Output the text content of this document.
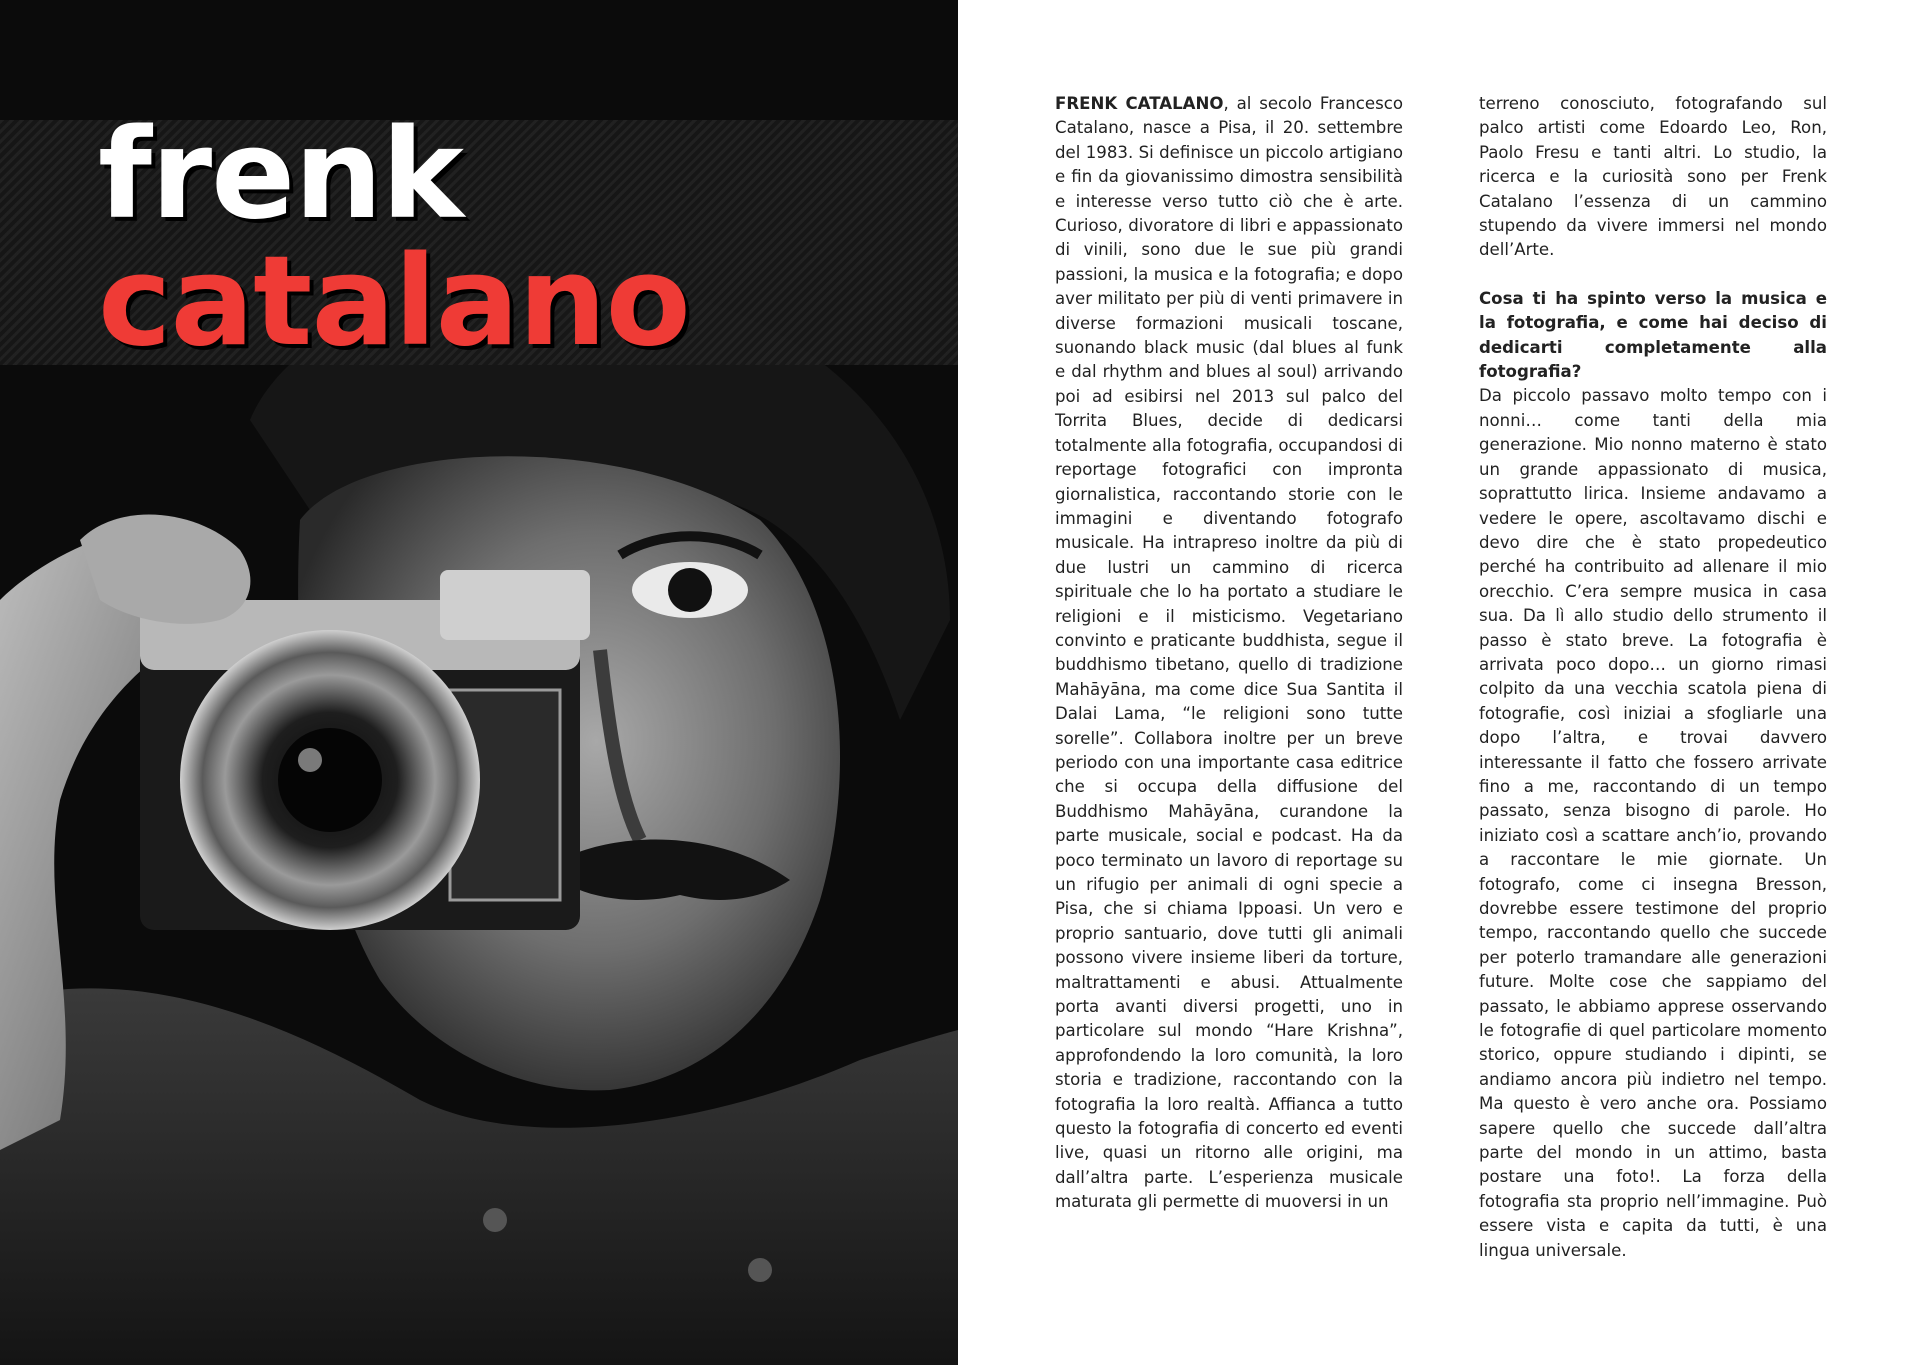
frenk
catalano

FRENK CATALANO, al secolo Francesco Catalano, nasce a Pisa, il 20. settembre del 1983. Si definisce un piccolo artigiano e fin da giovanissimo dimostra sensibilità e interesse verso tutto ciò che è arte. Curioso, divoratore di libri e appassionato di vinili, sono due le sue più grandi passioni, la musica e la fotografia; e dopo aver militato per più di venti primavere in diverse formazioni musicali toscane, suonando black music (dal blues al funk e dal rhythm and blues al soul) arrivando poi ad esibirsi nel 2013 sul palco del Torrita Blues, decide di dedicarsi totalmente alla fotografia, occupandosi di reportage fotografici con impronta giornalistica, raccontando storie con le immagini e diventando fotografo musicale. Ha intrapreso inoltre da più di due lustri un cammino di ricerca spirituale che lo ha portato a studiare le religioni e il misticismo. Vegetariano convinto e praticante buddhista, segue il buddhismo tibetano, quello di tradizione Mahāyāna, ma come dice Sua Santita il Dalai Lama, “le religioni sono tutte sorelle”. Collabora inoltre per un breve periodo con una importante casa editrice che si occupa della diffusione del Buddhismo Mahāyāna, curandone la parte musicale, social e podcast. Ha da poco terminato un lavoro di reportage su un rifugio per animali di ogni specie a Pisa, che si chiama Ippoasi. Un vero e proprio santuario, dove tutti gli animali possono vivere insieme liberi da torture, maltrattamenti e abusi. Attualmente porta avanti diversi progetti, uno in particolare sul mondo “Hare Krishna”, approfondendo la loro comunità, la loro storia e tradizione, raccontando con la fotografia la loro realtà. Affianca a tutto questo la fotografia di concerto ed eventi live, quasi un ritorno alle origini, ma dall’altra parte. L’esperienza musicale maturata gli permette di muoversi in un

terreno conosciuto, fotografando sul palco artisti come Edoardo Leo, Ron, Paolo Fresu e tanti altri. Lo studio, la ricerca e la curiosità sono per Frenk Catalano l’essenza di un cammino stupendo da vivere immersi nel mondo dell’Arte.

Cosa ti ha spinto verso la musica e la fotografia, e come hai deciso di dedicarti completamente alla fotografia?

Da piccolo passavo molto tempo con i nonni… come tanti della mia generazione. Mio nonno materno è stato un grande appassionato di musica, soprattutto lirica. Insieme andavamo a vedere le opere, ascoltavamo dischi e devo dire che è stato propedeutico perché ha contribuito ad allenare il mio orecchio. C’era sempre musica in casa sua. Da lì allo studio dello strumento il passo è stato breve. La fotografia è arrivata poco dopo… un giorno rimasi colpito da una vecchia scatola piena di fotografie, così iniziai a sfogliarle una dopo l’altra, e trovai davvero interessante il fatto che fossero arrivate fino a me, raccontando di un tempo passato, senza bisogno di parole. Ho iniziato così a scattare anch’io, provando a raccontare le mie giornate. Un fotografo, come ci insegna Bresson, dovrebbe essere testimone del proprio tempo, raccontando quello che succede per poterlo tramandare alle generazioni future. Molte cose che sappiamo del passato, le abbiamo apprese osservando le fotografie di quel particolare momento storico, oppure studiando i dipinti, se andiamo ancora più indietro nel tempo. Ma questo è vero anche ora. Possiamo sapere quello che succede dall’altra parte del mondo in un attimo, basta postare una foto!. La forza della fotografia sta proprio nell’immagine. Può essere vista e capita da tutti, è una lingua universale.
